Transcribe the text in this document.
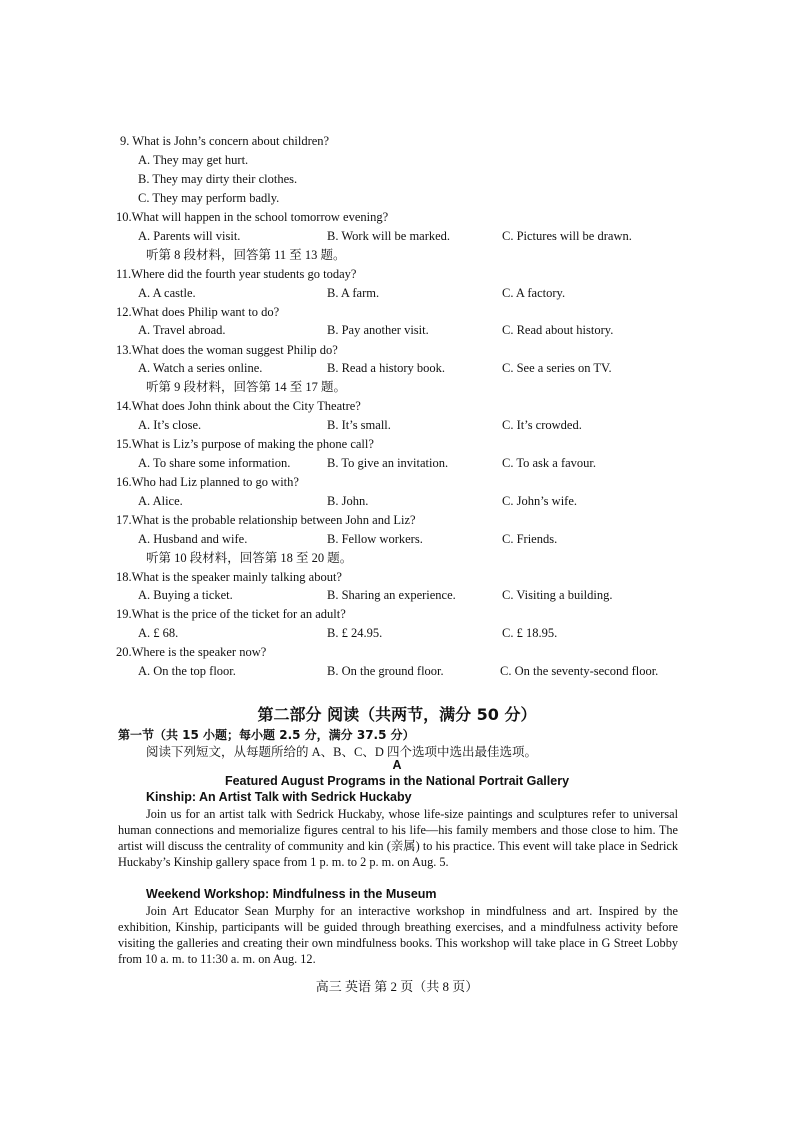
9. What is John’s concern about children?
A. They may get hurt.
B. They may dirty their clothes.
C. They may perform badly.
10.What will happen in the school tomorrow evening?
A. Parents will visit.	B. Work will be marked.	C. Pictures will be drawn.
听第 8 段材料，回答第 11 至 13 题。
11.Where did the fourth year students go today?
A. A castle.	B. A farm.	C. A factory.
12.What does Philip want to do?
A. Travel abroad.	B. Pay another visit.	C. Read about history.
13.What does the woman suggest Philip do?
A. Watch a series online.	B. Read a history book.	C. See a series on TV.
听第 9 段材料，回答第 14 至 17 题。
14.What does John think about the City Theatre?
A. It’s close.	B. It’s small.	C. It’s crowded.
15.What is Liz’s purpose of making the phone call?
A. To share some information.	B. To give an invitation.	C. To ask a favour.
16.Who had Liz planned to go with?
A. Alice.	B. John.	C. John’s wife.
17.What is the probable relationship between John and Liz?
A. Husband and wife.	B. Fellow workers.	C. Friends.
听第 10 段材料，回答第 18 至 20 题。
18.What is the speaker mainly talking about?
A. Buying a ticket.	B. Sharing an experience.	C. Visiting a building.
19.What is the price of the ticket for an adult?
A. £ 68.	B. £ 24.95.	C. £ 18.95.
20.Where is the speaker now?
A. On the top floor.	B. On the ground floor.	C. On the seventy-second floor.
第二部分 阅读（共两节，满分 50 分）
第一节（共 15 小题；每小题 2.5 分，满分 37.5 分）
阅读下列短文，从每题所给的 A、B、C、D 四个选项中选出最佳选项。
A
Featured August Programs in the National Portrait Gallery
Kinship: An Artist Talk with Sedrick Huckaby
Join us for an artist talk with Sedrick Huckaby, whose life-size paintings and sculptures refer to universal human connections and memorialize figures central to his life—his family members and those close to him. The artist will discuss the centrality of community and kin (亲属) to his practice. This event will take place in Sedrick Huckaby’s Kinship gallery space from 1 p. m. to 2 p. m. on Aug. 5.
Weekend Workshop: Mindfulness in the Museum
Join Art Educator Sean Murphy for an interactive workshop in mindfulness and art. Inspired by the exhibition, Kinship, participants will be guided through breathing exercises, and a mindfulness activity before visiting the galleries and creating their own mindfulness books. This workshop will take place in G Street Lobby from 10 a. m. to 11:30 a. m. on Aug. 12.
高三 英语 第 2 页（共 8 页）
